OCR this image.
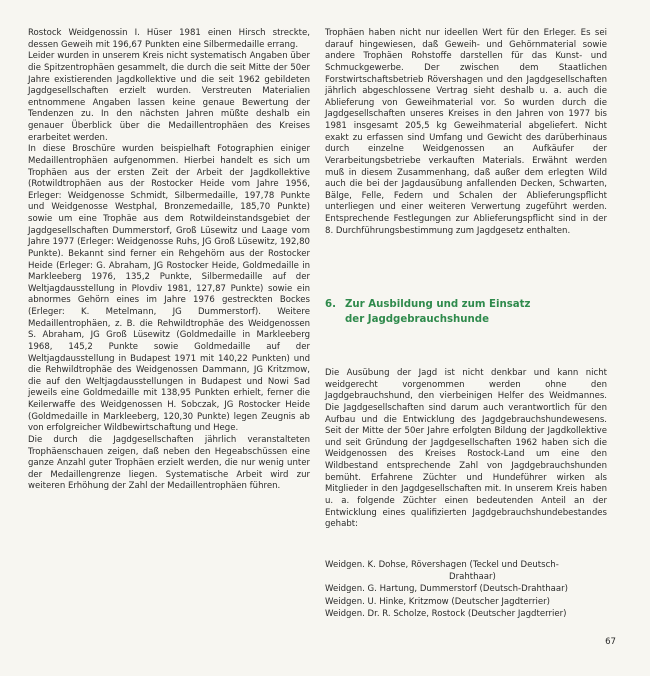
Rostock Weidgenossin I. Hüser 1981 einen Hirsch streckte, dessen Geweih mit 196,67 Punkten eine Silbermedaille errang.

Leider wurden in unserem Kreis nicht systematisch Angaben über die Spitzentrophäen gesammelt, die durch die seit Mitte der 50er Jahre existierenden Jagdkollektive und die seit 1962 gebildeten Jagdgesellschaften erzielt wurden. Verstreuten Materialien entnommene Angaben lassen keine genaue Bewertung der Tendenzen zu. In den nächsten Jahren müßte deshalb ein genauer Überblick über die Medaillentrophäen des Kreises erarbeitet werden.

In diese Broschüre wurden beispielhaft Fotographien einiger Medaillentrophäen aufgenommen. Hierbei handelt es sich um Trophäen aus der ersten Zeit der Arbeit der Jagdkollektive (Rotwildtrophäen aus der Rostocker Heide vom Jahre 1956, Erleger: Weidgenosse Schmidt, Silbermedaille, 197,78 Punkte und Weidgenosse Westphal, Bronzemedaille, 185,70 Punkte) sowie um eine Trophäe aus dem Rotwildeinstandsgebiet der Jagdgesellschaften Dummerstorf, Groß Lüsewitz und Laage vom Jahre 1977 (Erleger: Weidgenosse Ruhs, JG Groß Lüsewitz, 192,80 Punkte). Bekannt sind ferner ein Rehgehörn aus der Rostocker Heide (Erleger: G. Abraham, JG Rostocker Heide, Goldmedaille in Markleeberg 1976, 135,2 Punkte, Silbermedaille auf der Weltjagdausstellung in Plovdiv 1981, 127,87 Punkte) sowie ein abnormes Gehörn eines im Jahre 1976 gestreckten Bockes (Erleger: K. Metelmann, JG Dummerstorf). Weitere Medaillentrophäen, z. B. die Rehwildtrophäe des Weidgenossen S. Abraham, JG Groß Lüsewitz (Goldmedaille in Markleeberg 1968, 145,2 Punkte sowie Goldmedaille auf der Weltjagdausstellung in Budapest 1971 mit 140,22 Punkten) und die Rehwildtrophäe des Weidgenossen Dammann, JG Kritzmow, die auf den Weltjagdausstellungen in Budapest und Nowi Sad jeweils eine Goldmedaille mit 138,95 Punkten erhielt, ferner die Keilerwaffe des Weidgenossen H. Sobczak, JG Rostocker Heide (Goldmedaille in Markleeberg, 120,30 Punkte) legen Zeugnis ab von erfolgreicher Wildbewirtschaftung und Hege.

Die durch die Jagdgesellschaften jährlich veranstalteten Trophäenschauen zeigen, daß neben den Hegeabschüssen eine ganze Anzahl guter Trophäen erzielt werden, die nur wenig unter der Medaillengrenze liegen. Systematische Arbeit wird zur weiteren Erhöhung der Zahl der Medaillentrophäen führen.

Trophäen haben nicht nur ideellen Wert für den Erleger. Es sei darauf hingewiesen, daß Geweih- und Gehörnmaterial sowie andere Trophäen Rohstoffe darstellen für das Kunst- und Schmuckgewerbe. Der zwischen dem Staatlichen Forstwirtschaftsbetrieb Rövershagen und den Jagdgesellschaften jährlich abgeschlossene Vertrag sieht deshalb u. a. auch die Ablieferung von Geweihmaterial vor. So wurden durch die Jagdgesellschaften unseres Kreises in den Jahren von 1977 bis 1981 insgesamt 205,5 kg Geweihmaterial abgeliefert. Nicht exakt zu erfassen sind Umfang und Gewicht des darüberhinaus durch einzelne Weidgenossen an Aufkäufer der Verarbeitungsbetriebe verkauften Materials. Erwähnt werden muß in diesem Zusammenhang, daß außer dem erlegten Wild auch die bei der Jagdausübung anfallenden Decken, Schwarten, Bälge, Felle, Federn und Schalen der Ablieferungspflicht unterliegen und einer weiteren Verwertung zugeführt werden. Entsprechende Festlegungen zur Ablieferungspflicht sind in der 8. Durchführungsbestimmung zum Jagdgesetz enthalten.

6. Zur Ausbildung und zum Einsatz
der Jagdgebrauchshunde

Die Ausübung der Jagd ist nicht denkbar und kann nicht weidgerecht vorgenommen werden ohne den Jagdgebrauchshund, den vierbeinigen Helfer des Weidmannes. Die Jagdgesellschaften sind darum auch verantwortlich für den Aufbau und die Entwicklung des Jagdgebrauchshundewesens. Seit der Mitte der 50er Jahre erfolgten Bildung der Jagdkollektive und seit Gründung der Jagdgesellschaften 1962 haben sich die Weidgenossen des Kreises Rostock-Land um eine den Wildbestand entsprechende Zahl von Jagdgebrauchshunden bemüht. Erfahrene Züchter und Hundeführer wirken als Mitglieder in den Jagdgesellschaften mit. In unserem Kreis haben u. a. folgende Züchter einen bedeutenden Anteil an der Entwicklung eines qualifizierten Jagdgebrauchshundebestandes gehabt:

Weidgen. K. Dohse, Rövershagen (Teckel und Deutsch-
Drahthaar)
Weidgen. G. Hartung, Dummerstorf (Deutsch-Drahthaar)
Weidgen. U. Hinke, Kritzmow (Deutscher Jagdterrier)
Weidgen. Dr. R. Scholze, Rostock (Deutscher Jagdterrier)
67
